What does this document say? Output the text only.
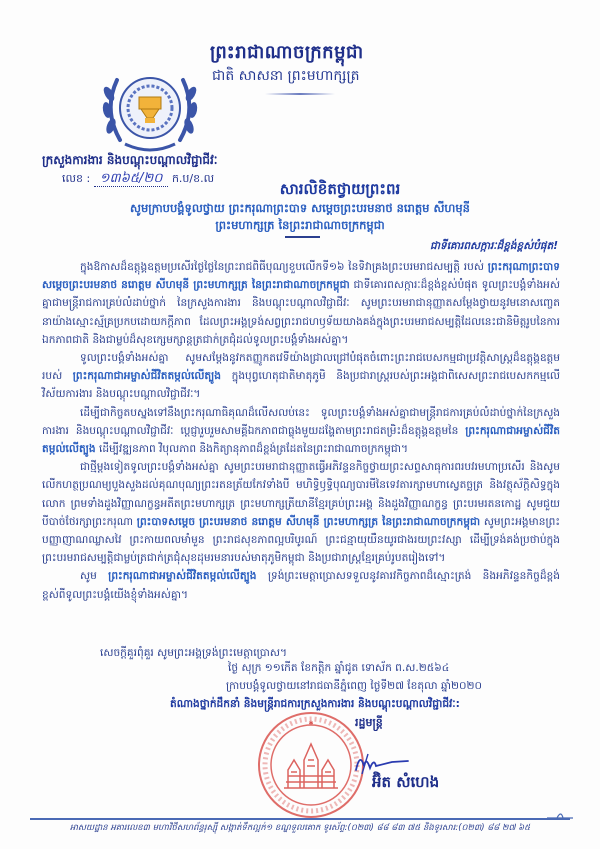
ព្រះរាជាណាចក្រកម្ពុជា
ជាតិ សាសនា ព្រះមហាក្សត្រ
ក្រសួងការងារ និងបណ្តុះបណ្តាលវិជ្ជាជីវៈ
លេខ : ១៣៦៥/២០ ក.ប/ខ.ល
សារលិខិតថ្វាយព្រះពរ
សូមក្រាបបង្គំទូលថ្វាយ ព្រះករុណាព្រះបាទ សម្តេចព្រះបរមនាថ នរោត្តម សីហមុនី
ព្រះមហាក្សត្រ នៃព្រះរាជាណាចក្រកម្ពុជា
ជាទីគោរពសក្ការៈដ៏ខ្ពង់ខ្ពស់បំផុត!

ក្នុងឱកាសដ៏ឧត្តុង្គឧត្តមប្រសើរថ្ងៃថ្លៃនៃព្រះរាជពិធីបុណ្យខួបលើកទី១៦ នៃទិវាគ្រងព្រះបរមរាជសម្បត្តិ របស់ ព្រះករុណាព្រះបាទ សម្តេចព្រះបរមនាថ នរោត្តម សីហមុនី ព្រះមហាក្សត្រ នៃព្រះរាជាណាចក្រកម្ពុជា ជាទីគោរពសក្ការៈដ៏ខ្ពង់ខ្ពស់បំផុត ទូលព្រះបង្គំទាំងអស់គ្នាជាមន្ត្រីរាជការគ្រប់លំដាប់ថ្នាក់ នៃក្រសួងការងារ និងបណ្តុះបណ្តាលវិជ្ជាជីវៈ សូមព្រះបរមរាជានុញ្ញាតសម្តែងថ្វាយនូវមនោសញ្ចេតនាយ៉ាងស្មោះស្ម័គ្រប្រកបដោយកក្តីភាព ដែលព្រះអង្គទ្រង់សព្វព្រះរាជហឫទ័យយាងគង់ក្នុងព្រះបរមរាជសម្បត្តិដែលនេះជានិមិត្តរូបនៃការឯកភាពជាតិ និងជាម្លប់ដ៏សុខក្សេមក្សាន្តត្រជាក់ត្រជុំដល់ទូលព្រះបង្គំទាំងអស់គ្នា។

ទូលព្រះបង្គំទាំងអស់គ្នា សូមសម្តែងនូវកតញ្ញូកតវេទីយ៉ាងជ្រាលជ្រៅបំផុតចំពោះព្រះរាជបេសកម្មជាប្រវត្តិសាស្ត្រដ៏ឧត្តុង្គឧត្តមរបស់ ព្រះករុណាជាអម្ចាស់ជីវិតតម្កល់លើត្បូង ក្នុងបុព្វហេតុជាតិមាតុភូមិ និងប្រជារាស្ត្ររបស់ព្រះអង្គជាពិសេសព្រះរាជបេសកកម្មលើវិស័យការងារ និងបណ្តុះបណ្តាលវិជ្ជាជីវៈ។

ដើម្បីជាកិច្ចតបស្នងទៅនឹងព្រះករុណាធិគុណដ៏លើសលប់នេះ ទូលព្រះបង្គំទាំងអស់គ្នាជាមន្ត្រីរាជការគ្រប់លំដាប់ថ្នាក់នៃក្រសួងការងារ និងបណ្តុះបណ្តាលវិជ្ជាជីវៈ ប្តេជ្ញារួបរួមសាមគ្គីឯកភាពជាធ្លុងមួយដង្ហែតាមព្រះរាជតម្រិះដ៏ឧត្តុង្គឧត្តមនៃ ព្រះករុណាជាអម្ចាស់ជីវិតតម្កល់លើត្បូង ដើម្បីវឌ្ឍនភាព វិបុលភាព និងកិត្យានុភាពដ៏ខ្ពង់ត្រដែតនៃព្រះរាជាណាចក្រកម្ពុជា។

ជាថ្មីម្តងទៀតទូលព្រះបង្គំទាំងអស់គ្នា សូមព្រះបរមរាជានុញ្ញាតធ្វើអភិវន្ទនកិច្ចថ្វាយព្រះសព្ទសាធុការពរបវរមហាប្រសើរ និងសូមលើកហត្ថប្រណម្យបួងសួងដល់គុណបុណ្យព្រះរតនត្រ័យកែវទាំងបី មហិទ្ធិឫទ្ធិបុណ្យបារមីនៃទេវតារក្សាមហាស្វេតច្ឆត្រ និងវត្ថុស័ក្តិសិទ្ធក្នុងលោក ព្រមទាំងដួងវិញ្ញាណក្ខន្ធអតីតព្រះមហាក្សត្រ ព្រះមហាក្សត្រីយានីខ្មែរគ្រប់ព្រះអង្គ និងដួងវិញ្ញាណក្ខន្ធ ព្រះបរមរតនកោដ្ឋ សូមជួយបីបាច់ថែរក្សាព្រះករុណា ព្រះបាទសម្តេច ព្រះបរមនាថ នរោត្តម សីហមុនី ព្រះមហាក្សត្រ នៃព្រះរាជាណាចក្រកម្ពុជា សូមព្រះអង្គមានព្រះបញ្ញាញាណឈ្លាសវៃ ព្រះកាយពលមាំមួន ព្រះរាជសុខភាពល្អបរិបូរណ៍ ព្រះជន្មាយុយឺនយូរជាងរយព្រះវស្សា ដើម្បីទ្រង់គង់ប្រថាប់ក្នុងព្រះបរមរាជសម្បត្តិជាម្លប់ត្រជាក់ត្រជុំសុខដុមរមនារបស់មាតុភូមិកម្ពុជា និងប្រជារាស្ត្រខ្មែរគ្រប់រូបតរៀងទៅ។

សូម ព្រះករុណាជាអម្ចាស់ជីវិតតម្កល់លើត្បូង ទ្រង់ព្រះមេត្តាប្រោសទទួលនូវគារវកិច្ចភាពដ៏ស្មោះត្រង់ និងអភិវន្ទនកិច្ចដ៏ខ្ពង់ខ្ពស់ពីទូលព្រះបង្គំយើងខ្ញុំទាំងអស់គ្នា។

សេចក្តីគួរពុំគួរ សូមព្រះអង្គទ្រង់ព្រះមេត្តាប្រោស។
ថ្ងៃ សុក្រ ១១កើត ខែកត្តិក ឆ្នាំជូត ទោស័ក ព.ស.២៥៦៤
ក្រាបបង្គំទូលថ្វាយនៅរាជធានីភ្នំពេញ ថ្ងៃទី២៧ ខែតុលា ឆ្នាំ២០២០
តំណាងថ្នាក់ដឹកនាំ និងមន្ត្រីរាជការក្រសួងការងារ និងបណ្តុះបណ្តាលវិជ្ជាជីវៈ:
រដ្ឋមន្ត្រី
✱
អ៊ិត សំហេង
អាសយដ្ឋាន អគារលេខ៣ មហាវិថីសហព័ន្ធរុស្ស៊ី សង្កាត់ទឹកល្អក់១ ខណ្ឌទួលគោក ទូរស័ព្ទ:(០២៣) ៨៨ ៨៣ ៧៥ និងទូរសារ:(០២៣) ៨៨ ២៧ ៦៥
